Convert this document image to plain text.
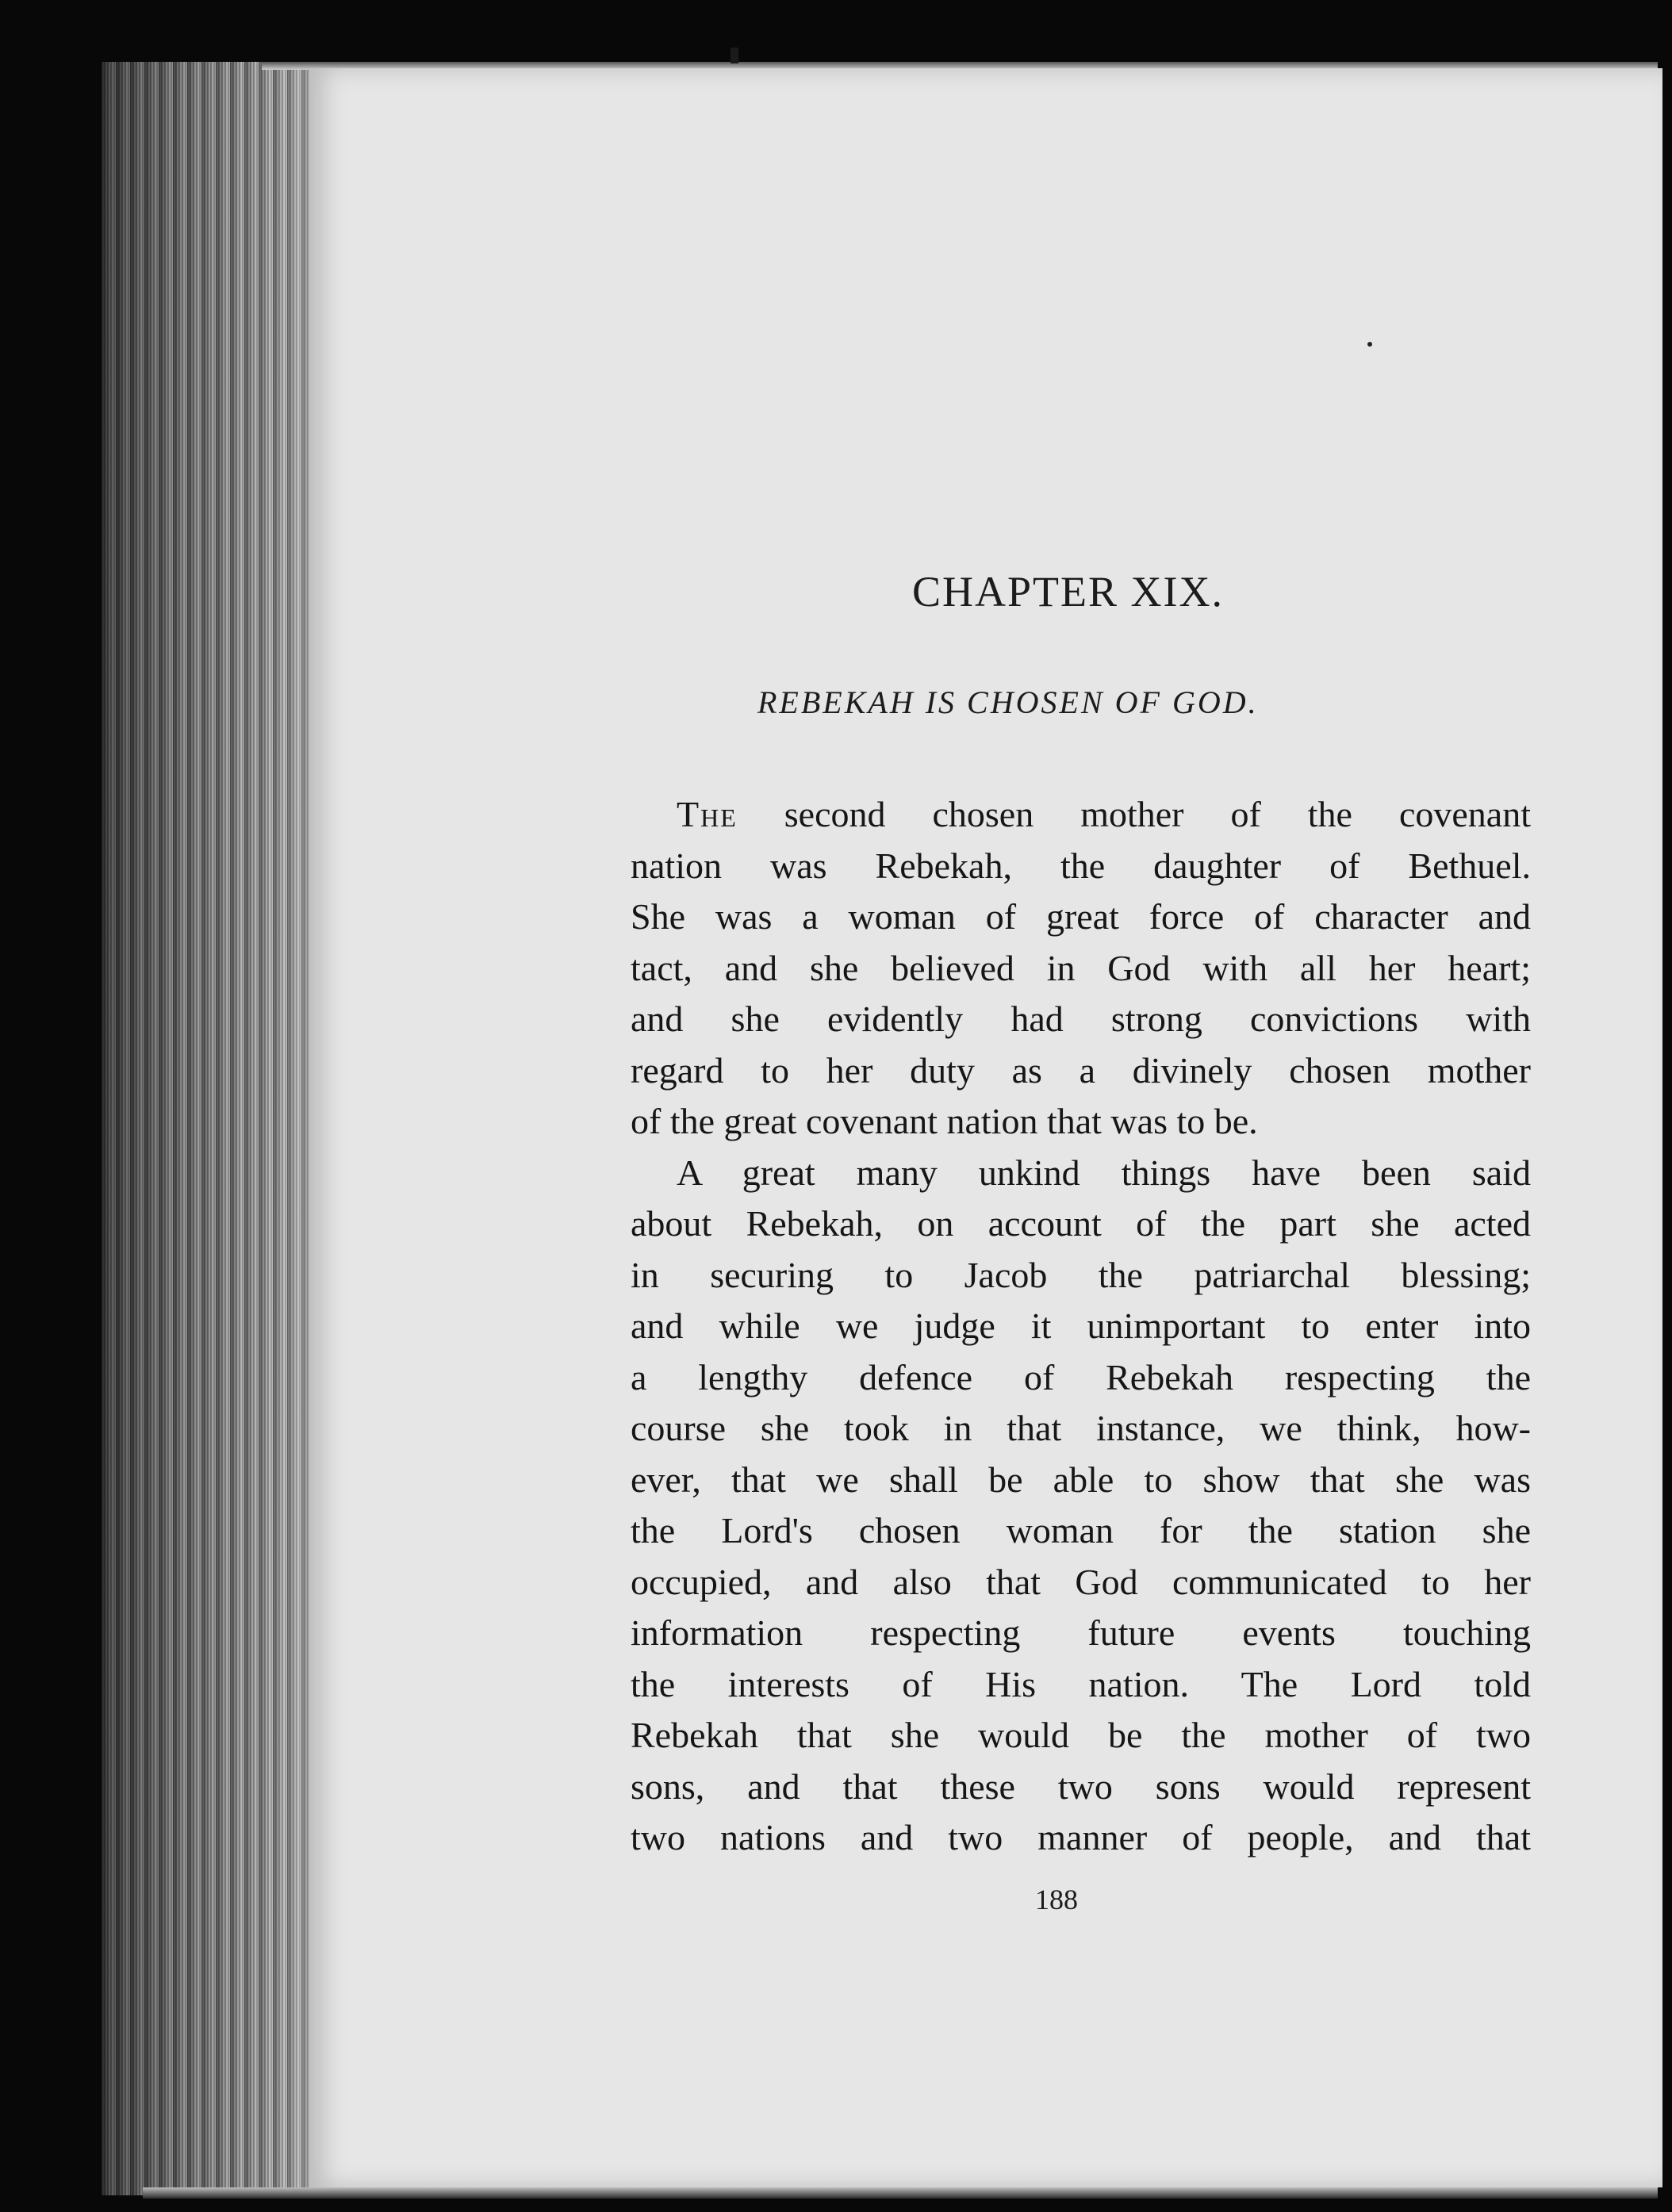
CHAPTER XIX.
REBEKAH IS CHOSEN OF GOD.
The second chosen mother of the covenant
nation was Rebekah, the daughter of Bethuel.
She was a woman of great force of character and
tact, and she believed in God with all her heart;
and she evidently had strong convictions with
regard to her duty as a divinely chosen mother
of the great covenant nation that was to be.
A great many unkind things have been said
about Rebekah, on account of the part she acted
in securing to Jacob the patriarchal blessing;
and while we judge it unimportant to enter into
a lengthy defence of Rebekah respecting the
course she took in that instance, we think, how-
ever, that we shall be able to show that she was
the Lord's chosen woman for the station she
occupied, and also that God communicated to her
information respecting future events touching
the interests of His nation. The Lord told
Rebekah that she would be the mother of two
sons, and that these two sons would represent
two nations and two manner of people, and that
188
